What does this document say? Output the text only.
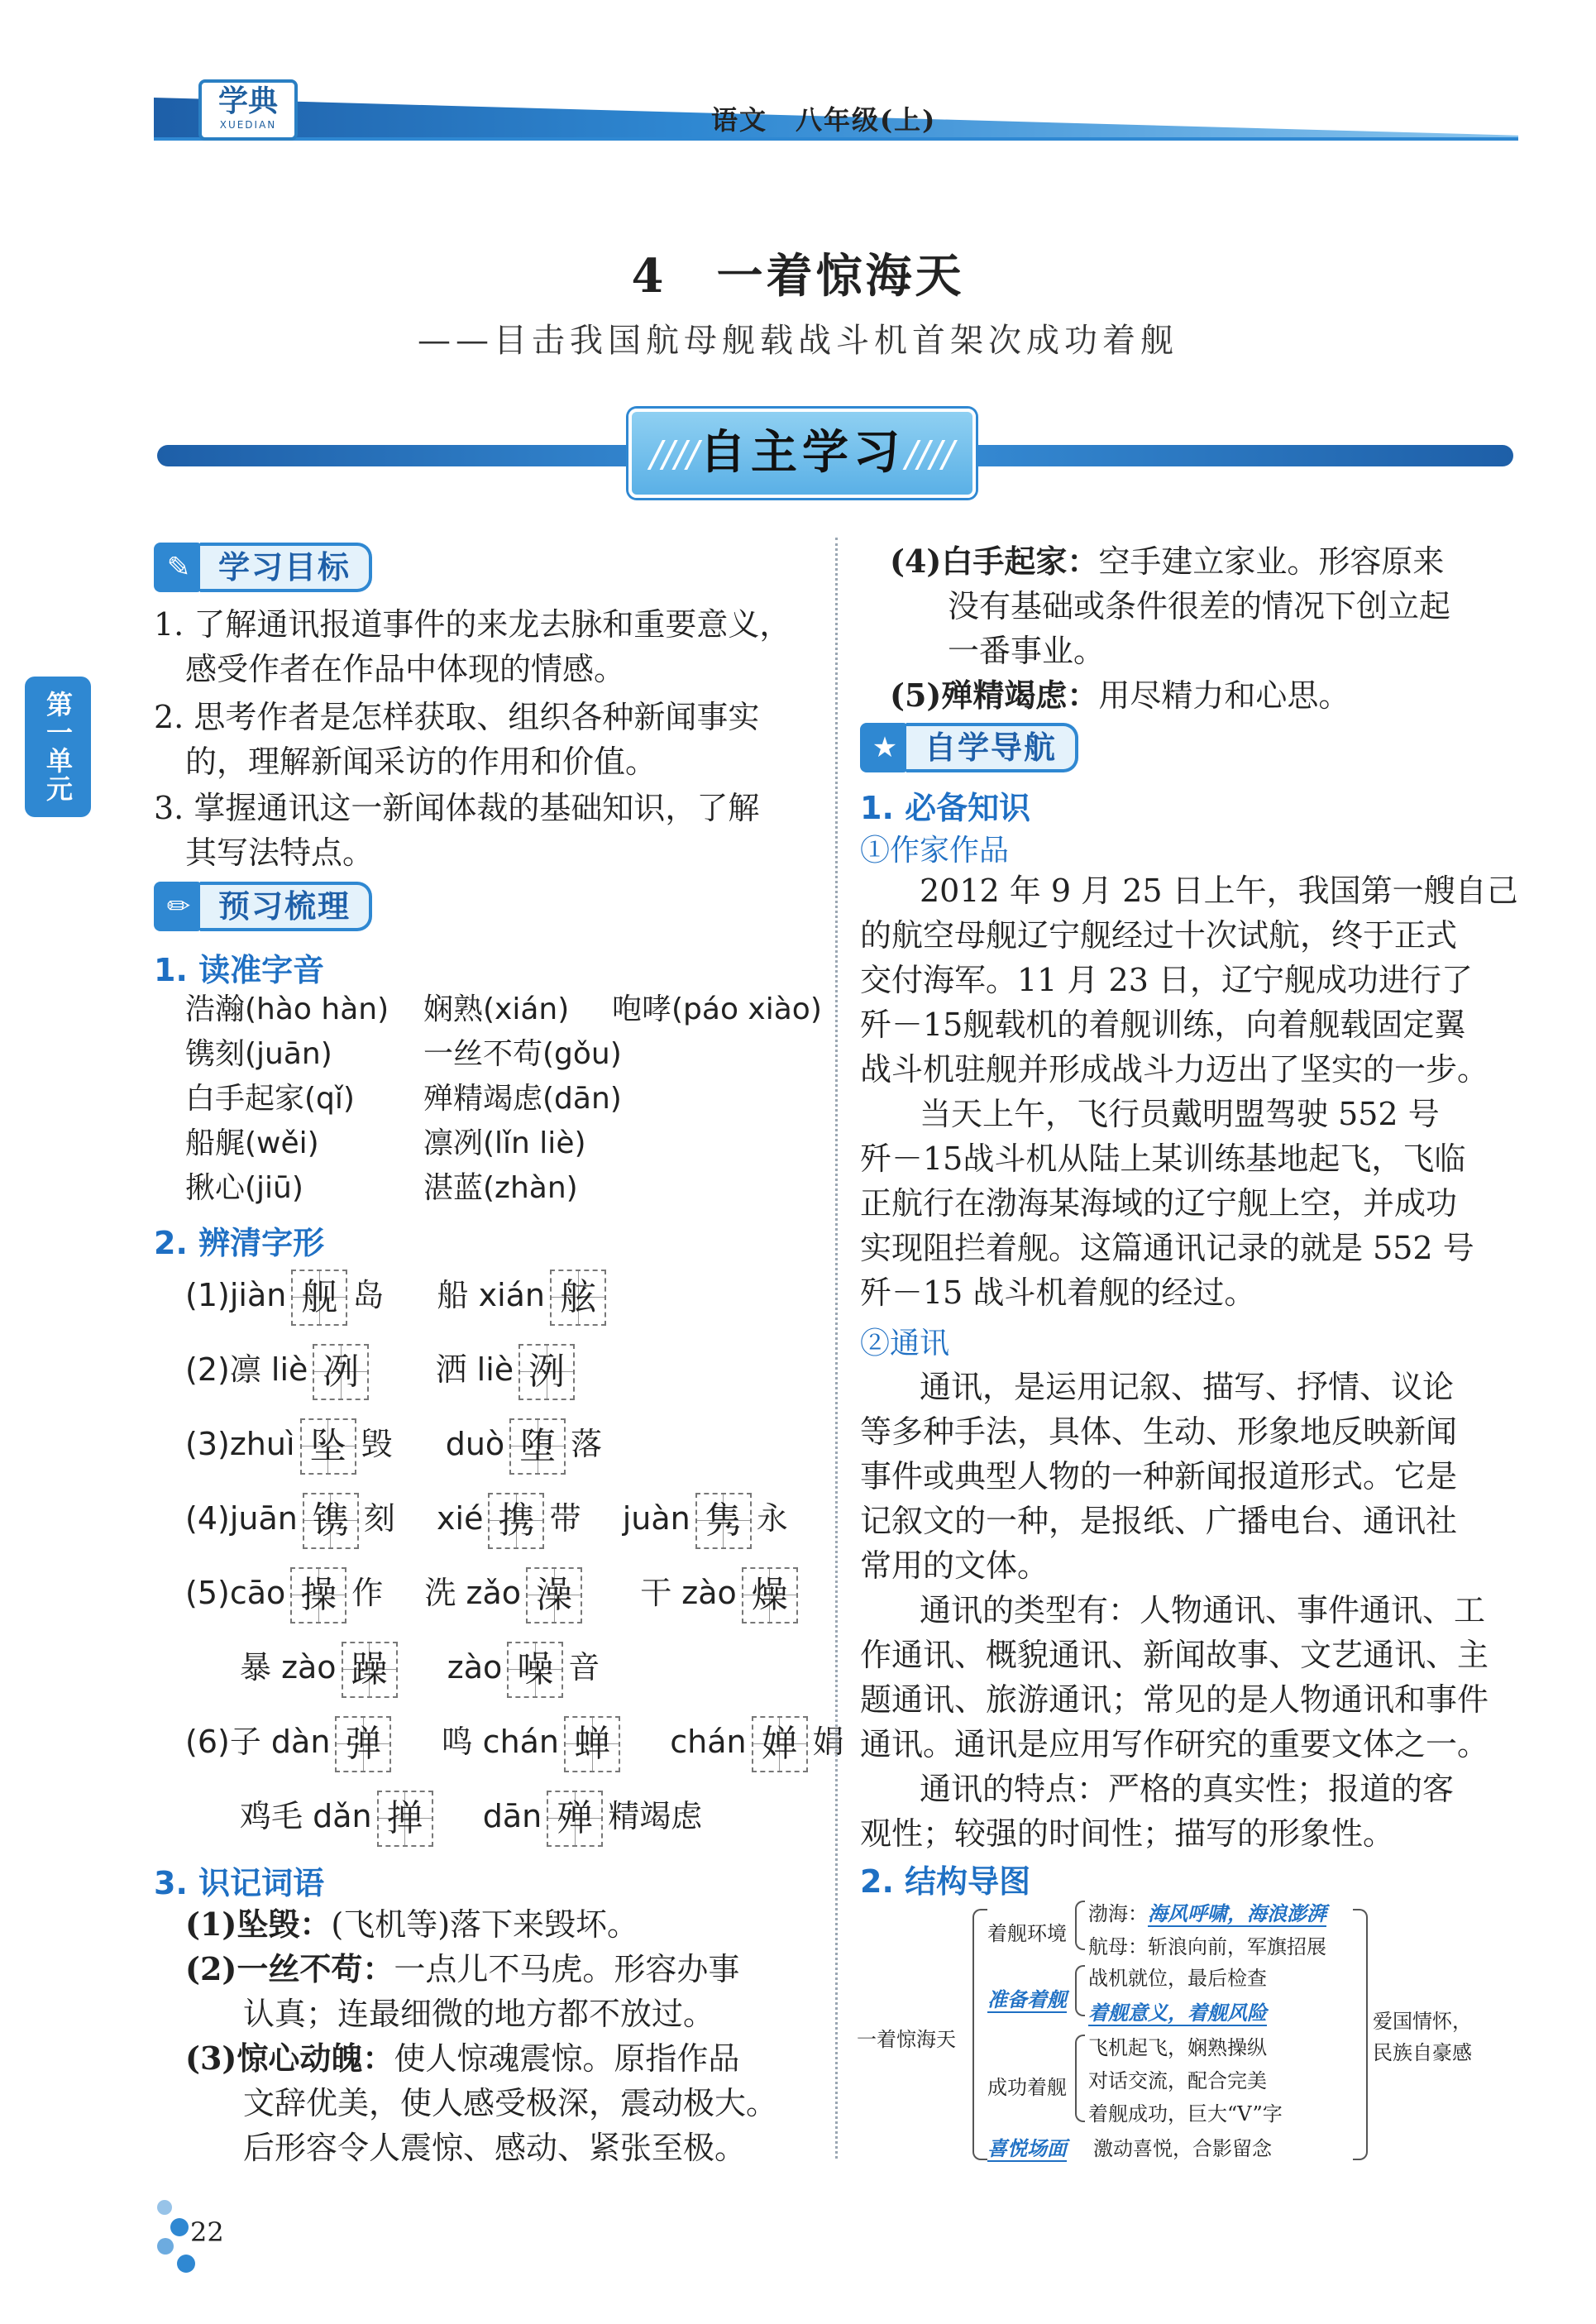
学典
XUEDIAN	语文　八年级(上)
4　一着惊海天
——目击我国航母舰载战斗机首架次成功着舰
//// 自主学习 ////
第一单元
✎ 学习目标
1. 了解通讯报道事件的来龙去脉和重要意义，
感受作者在作品中体现的情感。
2. 思考作者是怎样获取、组织各种新闻事实
的，理解新闻采访的作用和价值。
3. 掌握通讯这一新闻体裁的基础知识，了解
其写法特点。
✏ 预习梳理
1. 读准字音
浩瀚(hào hàn) 娴熟(xián) 咆哮(páo xiào)
镌刻(juān)	一丝不苟(gǒu)
白手起家(qǐ) 殚精竭虑(dān)
船艉(wěi)	凛冽(lǐn liè)
揪心(jiū)	湛蓝(zhàn)
2. 辨清字形
(1)jiàn 舰 岛 船 xián 舷
(2)凛 liè 冽 洒 liè 洌
(3)zhuì 坠 毁 duò 堕 落
(4)juān 镌 刻 xié 携 带 juàn 隽 永
(5)cāo 操 作 洗 zǎo 澡 干 zào 燥
暴 zào 躁 zào 噪 音
(6)子 dàn 弹 鸣 chán 蝉 chán 婵 娟
鸡毛 dǎn 掸 dān 殚 精竭虑
3. 识记词语
(1)坠毁：(飞机等)落下来毁坏。
(2)一丝不苟：一点儿不马虎。形容办事
认真；连最细微的地方都不放过。
(3)惊心动魄：使人惊魂震惊。原指作品
文辞优美，使人感受极深，震动极大。
后形容令人震惊、感动、紧张至极。
(4)白手起家：空手建立家业。形容原来
没有基础或条件很差的情况下创立起
一番事业。
(5)殚精竭虑：用尽精力和心思。
★ 自学导航
1. 必备知识
①作家作品
2012 年 9 月 25 日上午，我国第一艘自己
的航空母舰辽宁舰经过十次试航，终于正式
交付海军。11 月 23 日，辽宁舰成功进行了
歼－15舰载机的着舰训练，向着舰载固定翼
战斗机驻舰并形成战斗力迈出了坚实的一步。
当天上午，飞行员戴明盟驾驶 552 号
歼－15战斗机从陆上某训练基地起飞，飞临
正航行在渤海某海域的辽宁舰上空，并成功
实现阻拦着舰。这篇通讯记录的就是 552 号
歼－15 战斗机着舰的经过。
②通讯
通讯，是运用记叙、描写、抒情、议论
等多种手法，具体、生动、形象地反映新闻
事件或典型人物的一种新闻报道形式。它是
记叙文的一种，是报纸、广播电台、通讯社
常用的文体。
通讯的类型有：人物通讯、事件通讯、工
作通讯、概貌通讯、新闻故事、文艺通讯、主
题通讯、旅游通讯；常见的是人物通讯和事件
通讯。通讯是应用写作研究的重要文体之一。
通讯的特点：严格的真实性；报道的客
观性；较强的时间性；描写的形象性。
2. 结构导图
一着惊海天
着舰环境
渤海：海风呼啸，海浪澎湃
航母：斩浪向前，军旗招展
准备着舰
战机就位，最后检查
着舰意义，着舰风险
成功着舰
飞机起飞，娴熟操纵
对话交流，配合完美
着舰成功，巨大“V”字
喜悦场面 激动喜悦，合影留念
爱国情怀，
民族自豪感
22
